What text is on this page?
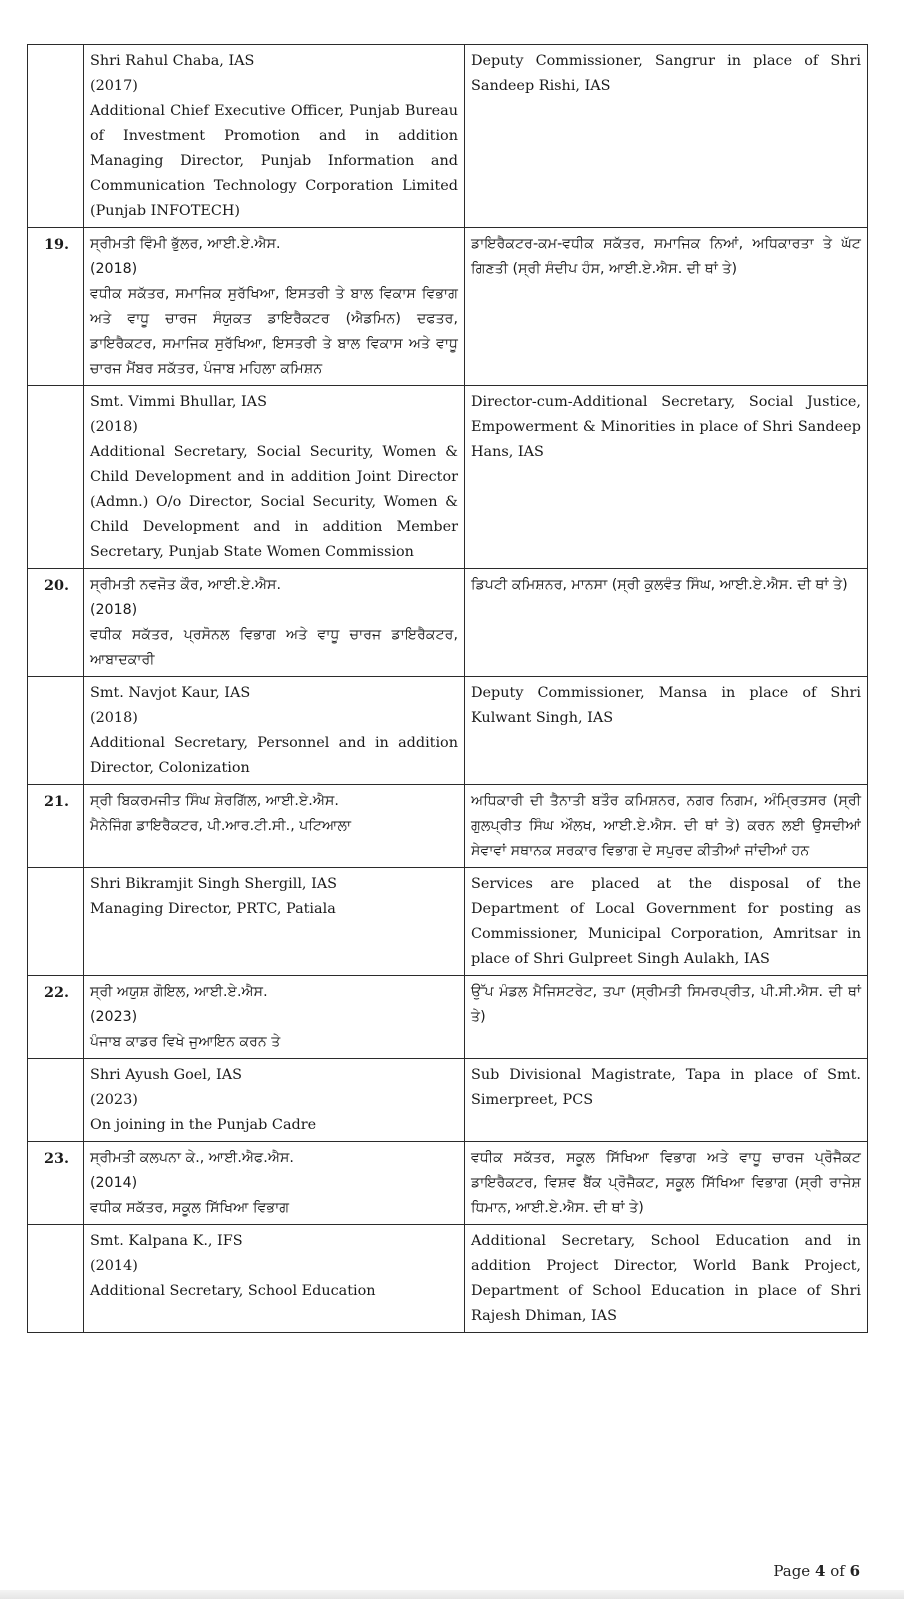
	Shri Rahul Chaba, IAS
(2017)
Additional Chief Executive Officer, Punjab Bureau of Investment Promotion and in addition Managing Director, Punjab Information and Communication Technology Corporation Limited (Punjab INFOTECH)	Deputy Commissioner, Sangrur in place of Shri Sandeep Rishi, IAS
19.	ਸ੍ਰੀਮਤੀ ਵਿੰਮੀ ਭੁੱਲਰ, ਆਈ.ਏ.ਐਸ.
(2018)
ਵਧੀਕ ਸਕੱਤਰ, ਸਮਾਜਿਕ ਸੁਰੱਖਿਆ, ਇਸਤਰੀ ਤੇ ਬਾਲ ਵਿਕਾਸ ਵਿਭਾਗ ਅਤੇ ਵਾਧੂ ਚਾਰਜ ਸੰਯੁਕਤ ਡਾਇਰੈਕਟਰ (ਐਡਮਿਨ) ਦਫਤਰ, ਡਾਇਰੈਕਟਰ, ਸਮਾਜਿਕ ਸੁਰੱਖਿਆ, ਇਸਤਰੀ ਤੇ ਬਾਲ ਵਿਕਾਸ ਅਤੇ ਵਾਧੂ ਚਾਰਜ ਮੈਂਬਰ ਸਕੱਤਰ, ਪੰਜਾਬ ਮਹਿਲਾ ਕਮਿਸ਼ਨ	ਡਾਇਰੈਕਟਰ-ਕਮ-ਵਧੀਕ ਸਕੱਤਰ, ਸਮਾਜਿਕ ਨਿਆਂ, ਅਧਿਕਾਰਤਾ ਤੇ ਘੱਟ ਗਿਣਤੀ (ਸ੍ਰੀ ਸੰਦੀਪ ਹੰਸ, ਆਈ.ਏ.ਐਸ. ਦੀ ਥਾਂ ਤੇ)

	Smt. Vimmi Bhullar, IAS
(2018)
Additional Secretary, Social Security, Women & Child Development and in addition Joint Director (Admn.) O/o Director, Social Security, Women & Child Development and in addition Member Secretary, Punjab State Women Commission	Director-cum-Additional Secretary, Social Justice, Empowerment & Minorities in place of Shri Sandeep Hans, IAS
20.	ਸ੍ਰੀਮਤੀ ਨਵਜੋਤ ਕੌਰ, ਆਈ.ਏ.ਐਸ.
(2018)
ਵਧੀਕ ਸਕੱਤਰ, ਪ੍ਰਸੋਨਲ ਵਿਭਾਗ ਅਤੇ ਵਾਧੂ ਚਾਰਜ ਡਾਇਰੈਕਟਰ, ਆਬਾਦਕਾਰੀ	ਡਿਪਟੀ ਕਮਿਸ਼ਨਰ, ਮਾਨਸਾ (ਸ੍ਰੀ ਕੁਲਵੰਤ ਸਿੰਘ, ਆਈ.ਏ.ਐਸ. ਦੀ ਥਾਂ ਤੇ)

	Smt. Navjot Kaur, IAS
(2018)
Additional Secretary, Personnel and in addition Director, Colonization	Deputy Commissioner, Mansa in place of Shri Kulwant Singh, IAS
21.	ਸ੍ਰੀ ਬਿਕਰਮਜੀਤ ਸਿੰਘ ਸ਼ੇਰਗਿੱਲ, ਆਈ.ਏ.ਐਸ.
ਮੈਨੇਜਿੰਗ ਡਾਇਰੈਕਟਰ, ਪੀ.ਆਰ.ਟੀ.ਸੀ., ਪਟਿਆਲਾ	ਅਧਿਕਾਰੀ ਦੀ ਤੈਨਾਤੀ ਬਤੌਰ ਕਮਿਸ਼ਨਰ, ਨਗਰ ਨਿਗਮ, ਅੰਮ੍ਰਿਤਸਰ (ਸ੍ਰੀ ਗੁਲਪ੍ਰੀਤ ਸਿੰਘ ਔਲਖ, ਆਈ.ਏ.ਐਸ. ਦੀ ਥਾਂ ਤੇ) ਕਰਨ ਲਈ ਉਸਦੀਆਂ ਸੇਵਾਵਾਂ ਸਥਾਨਕ ਸਰਕਾਰ ਵਿਭਾਗ ਦੇ ਸਪੁਰਦ ਕੀਤੀਆਂ ਜਾਂਦੀਆਂ ਹਨ

	Shri Bikramjit Singh Shergill, IAS
Managing Director, PRTC, Patiala	Services are placed at the disposal of the Department of Local Government for posting as Commissioner, Municipal Corporation, Amritsar in place of Shri Gulpreet Singh Aulakh, IAS
22.	ਸ੍ਰੀ ਅਯੁਸ਼ ਗੋਇਲ, ਆਈ.ਏ.ਐਸ.
(2023)
ਪੰਜਾਬ ਕਾਡਰ ਵਿਖੇ ਜੁਆਇਨ ਕਰਨ ਤੇ	ਉੱਪ ਮੰਡਲ ਮੈਜਿਸਟਰੇਟ, ਤਪਾ (ਸ੍ਰੀਮਤੀ ਸਿਮਰਪ੍ਰੀਤ, ਪੀ.ਸੀ.ਐਸ. ਦੀ ਥਾਂ ਤੇ)

	Shri Ayush Goel, IAS
(2023)
On joining in the Punjab Cadre	Sub Divisional Magistrate, Tapa in place of Smt. Simerpreet, PCS
23.	ਸ੍ਰੀਮਤੀ ਕਲਪਨਾ ਕੇ., ਆਈ.ਐਫ.ਐਸ.
(2014)
ਵਧੀਕ ਸਕੱਤਰ, ਸਕੂਲ ਸਿੱਖਿਆ ਵਿਭਾਗ	ਵਧੀਕ ਸਕੱਤਰ, ਸਕੂਲ ਸਿੱਖਿਆ ਵਿਭਾਗ ਅਤੇ ਵਾਧੂ ਚਾਰਜ ਪ੍ਰੋਜੈਕਟ ਡਾਇਰੈਕਟਰ, ਵਿਸ਼ਵ ਬੈਂਕ ਪ੍ਰੋਜੈਕਟ, ਸਕੂਲ ਸਿੱਖਿਆ ਵਿਭਾਗ (ਸ੍ਰੀ ਰਾਜੇਸ਼ ਧਿਮਾਨ, ਆਈ.ਏ.ਐਸ. ਦੀ ਥਾਂ ਤੇ)

	Smt. Kalpana K., IFS
(2014)
Additional Secretary, School Education	Additional Secretary, School Education and in addition Project Director, World Bank Project, Department of School Education in place of Shri Rajesh Dhiman, IAS
Page 4 of 6
